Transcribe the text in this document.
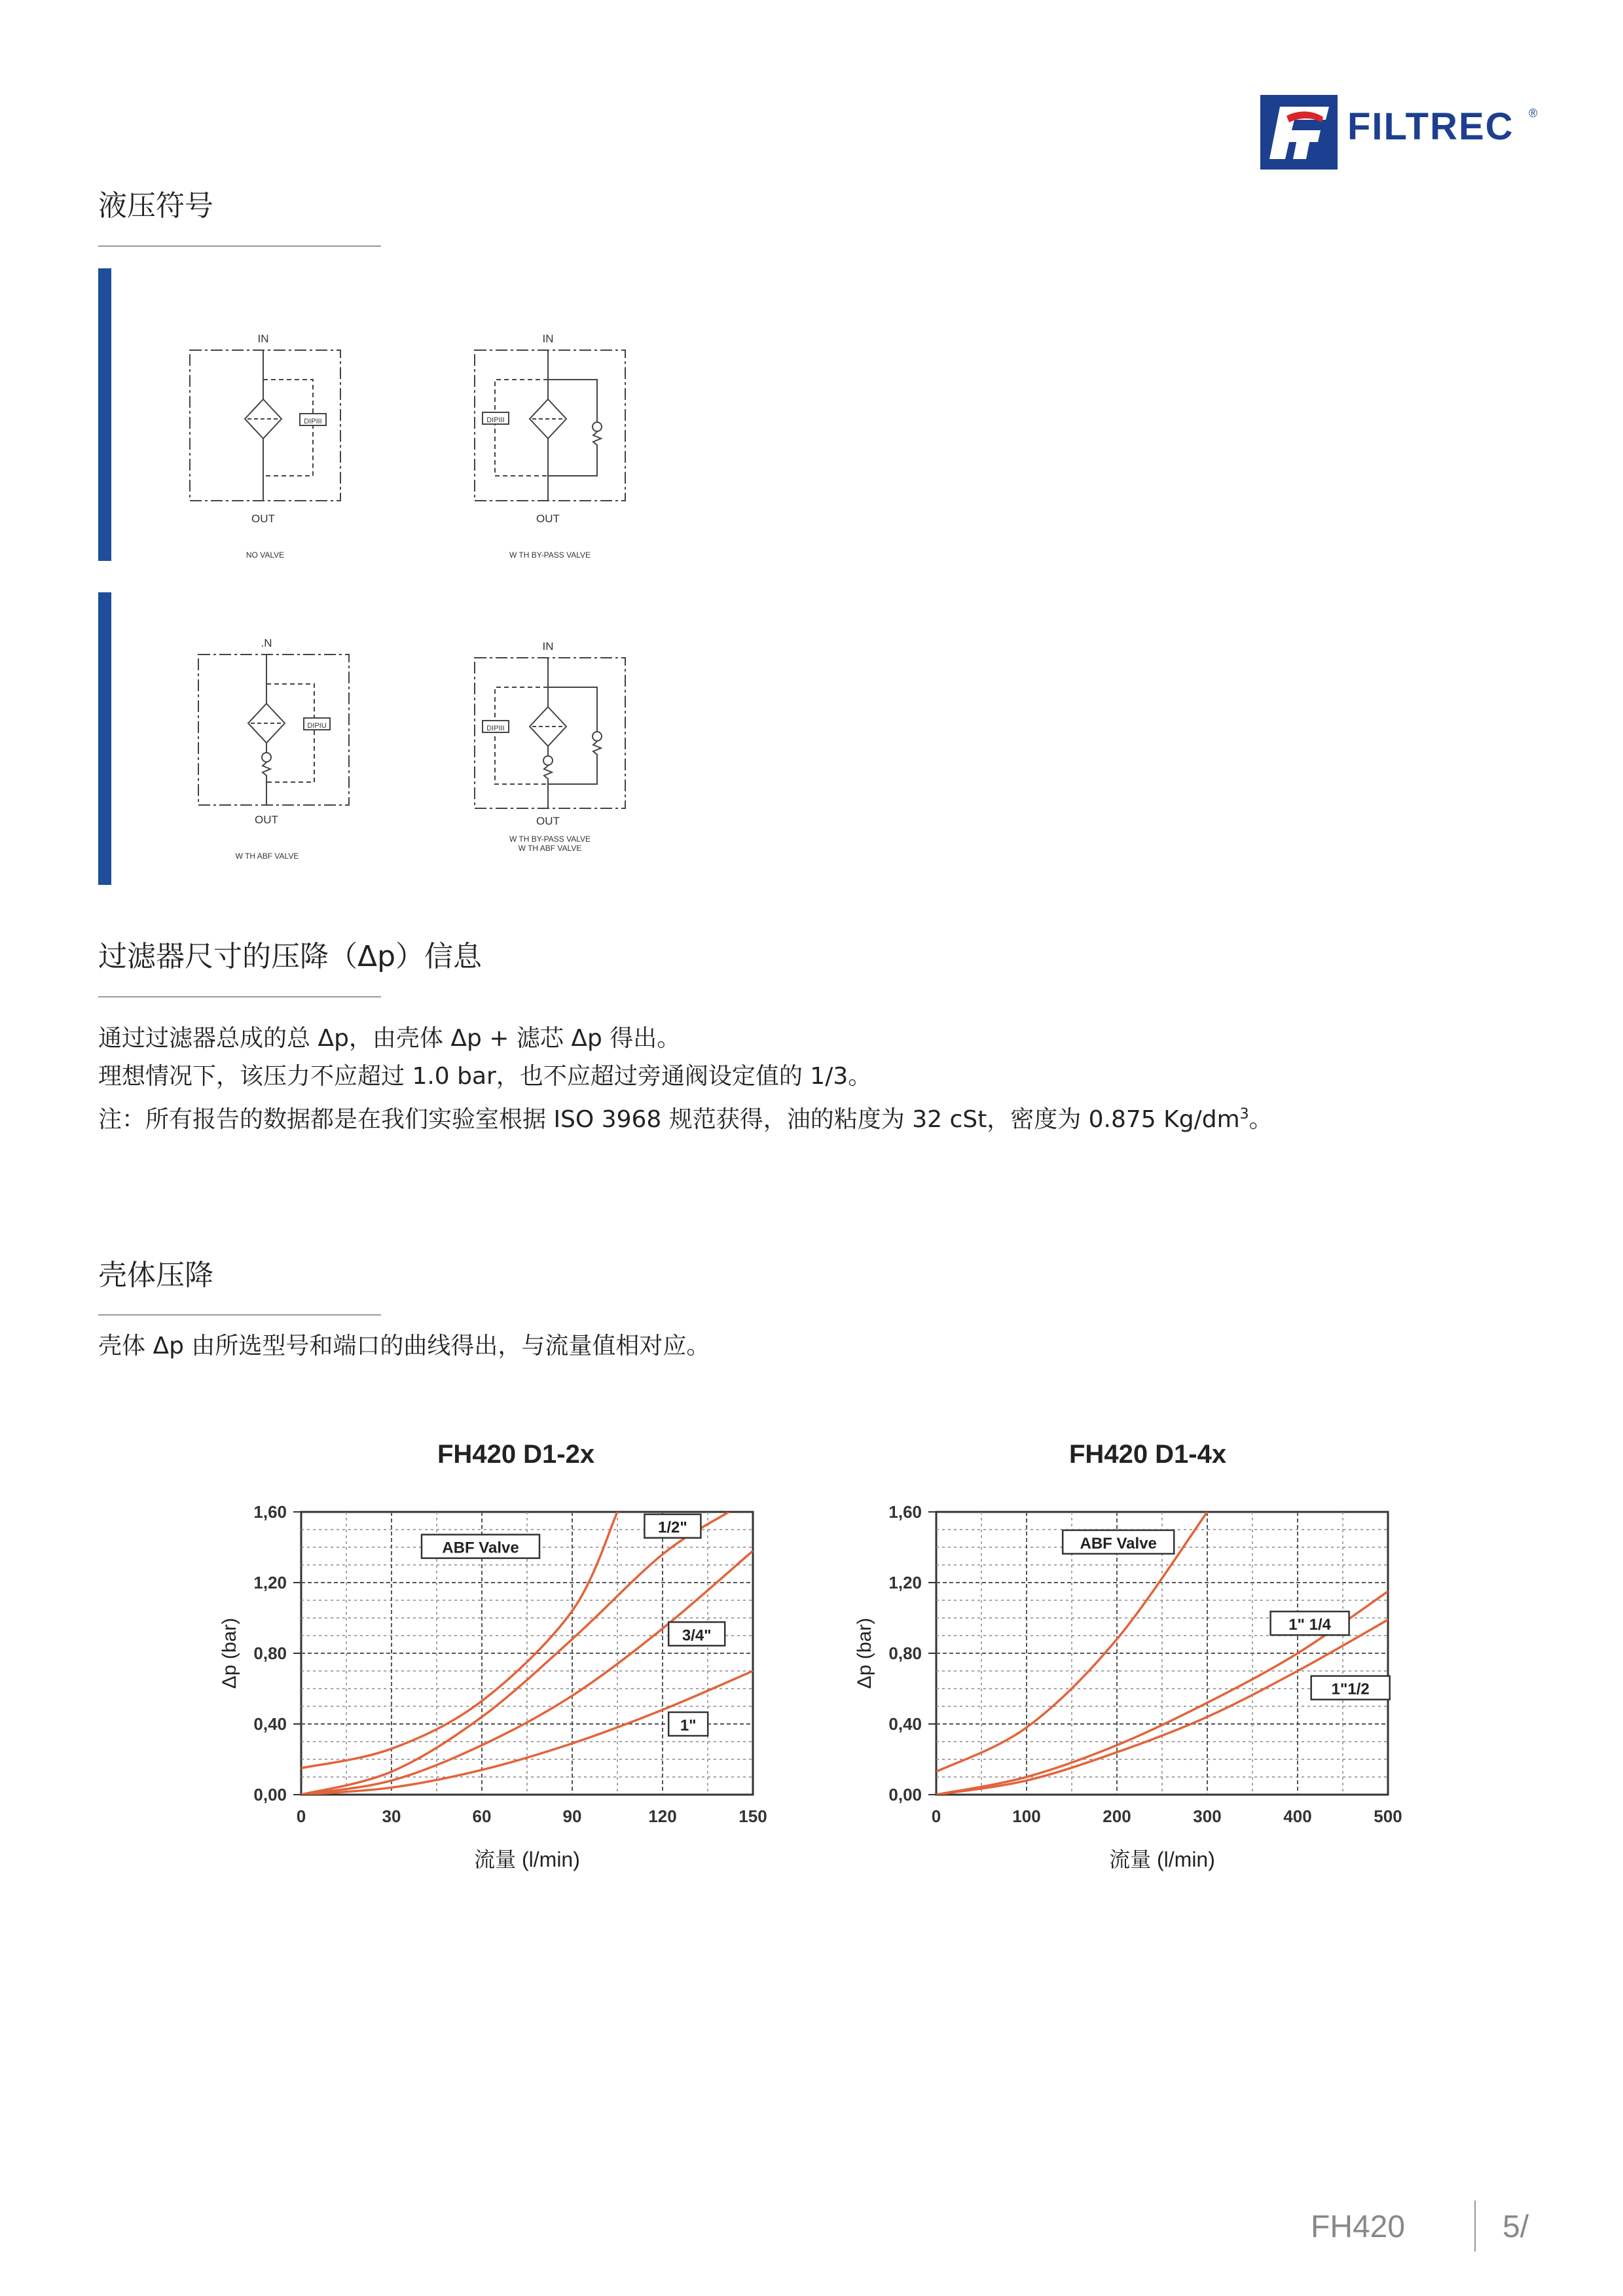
FILTREC ®
液压符号
IN
OUT
DIPIII
NO VALVE
IN
OUT
DIPIII
W TH BY-PASS VALVE
.N
OUT
DIPIU
W TH ABF VALVE
IN
OUT
DIPIII
W TH BY-PASS VALVE
W TH ABF VALVE
过滤器尺寸的压降（Δp）信息
通过过滤器总成的总 Δp，由壳体 Δp + 滤芯 Δp 得出。
理想情况下，该压力不应超过 1.0 bar，也不应超过旁通阀设定值的 1/3。
注：所有报告的数据都是在我们实验室根据 ISO 3968 规范获得，油的粘度为 32 cSt，密度为 0.875 $Kg/dm^3$。
壳体压降
壳体 Δp 由所选型号和端口的曲线得出，与流量值相对应。
FH420 D1-2x	FH420 D1-4x
0,00
0,40
0,80
1,20
1,60
0	30	60	90	120	150
Δp (bar)
流量 (l/min)
ABF Valve
1/2"
3/4"
1"
0,00
0,40
0,80
1,20
1,60
0	100	200	300	400	500
Δp (bar)
流量 (l/min)
ABF Valve
1" 1/4
1"1/2
FH420	5/
